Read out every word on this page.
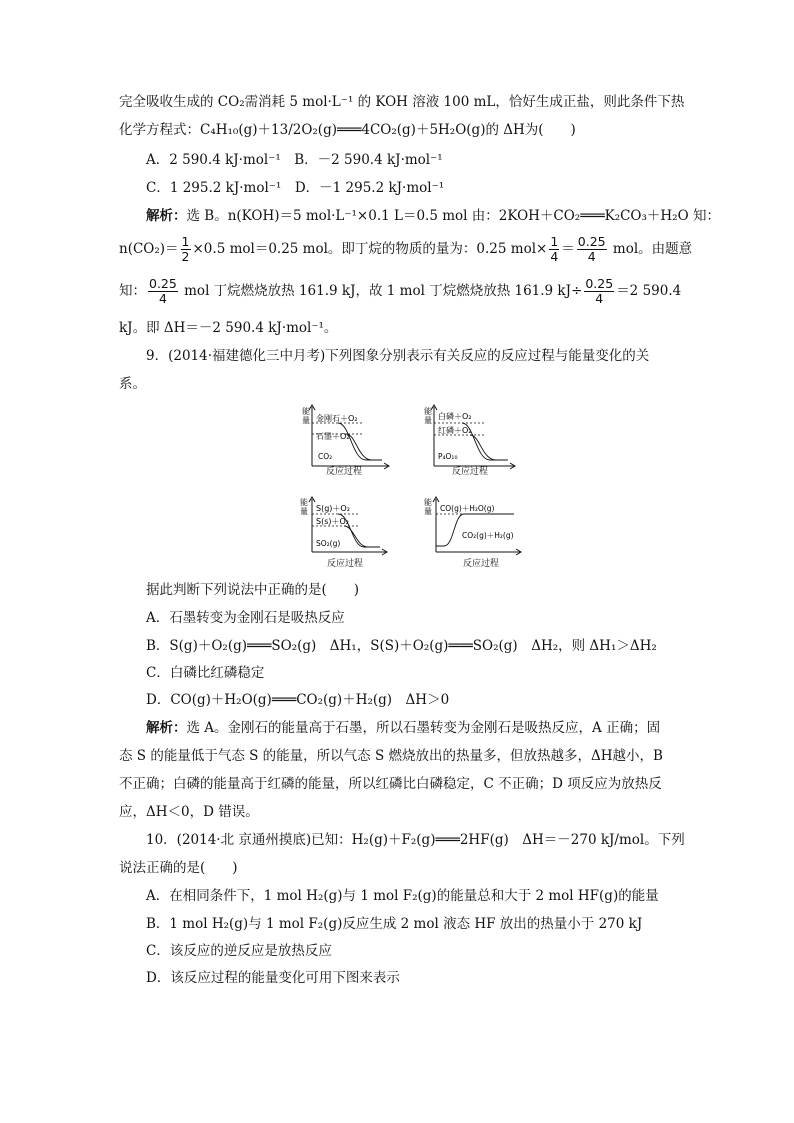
完全吸收生成的 CO₂需消耗 5 mol·L⁻¹ 的 KOH 溶液 100 mL，恰好生成正盐，则此条件下热
化学方程式：C₄H₁₀(g)＋13/2O₂(g)═══4CO₂(g)＋5H₂O(g)的 ΔH为(　　)
A．2 590.4 kJ·mol⁻¹　B．－2 590.4 kJ·mol⁻¹
C．1 295.2 kJ·mol⁻¹　D．－1 295.2 kJ·mol⁻¹
解析：选 B。n(KOH)＝5 mol·L⁻¹×0.1 L＝0.5 mol 由：2KOH＋CO₂═══K₂CO₃＋H₂O 知：
$n(CO_2)= \frac{1}{2} \times 0.5$ mol＝0.25 mol。即丁烷的物质的量为：0.25 $mol\times \frac{1}{4} = \frac{0.25}{4}$ mol。由题意
知： $\frac{0.25}{4}$ mol 丁烷燃烧放热 161.9 kJ，故 1 mol 丁烷燃烧放热 161.9 $kJ\div \frac{0.25}{4} =2$ 590.4
kJ。即 ΔH＝－2 590.4 kJ·mol⁻¹。
9．(2014·福建德化三中月考)下列图象分别表示有关反应的反应过程与能量变化的关
系。
能
量 金刚石＋O₂
石墨＋O₂
CO₂
反应过程
能
量 白磷＋O₂
红磷＋O₂
P₄O₁₀
反应过程
能
量 S(g)＋O₂
S(s)＋O₂
SO₂(g)
反应过程
能
量 CO(g)＋H₂O(g)
CO₂(g)＋H₂(g)
反应过程
据此判断下列说法中正确的是(　　)
A．石墨转变为金刚石是吸热反应
B．S(g)＋O₂(g)═══SO₂(g)　ΔH₁，S(S)＋O₂(g)═══SO₂(g)　ΔH₂，则 ΔH₁＞ΔH₂
C．白磷比红磷稳定
D．CO(g)＋H₂O(g)═══CO₂(g)＋H₂(g)　ΔH＞0
解析：选 A。金刚石的能量高于石墨，所以石墨转变为金刚石是吸热反应，A 正确；固
态 S 的能量低于气态 S 的能量，所以气态 S 燃烧放出的热量多，但放热越多，ΔH越小，B
不正确；白磷的能量高于红磷的能量，所以红磷比白磷稳定，C 不正确；D 项反应为放热反
应，ΔH＜0，D 错误。
10．(2014·北 京通州摸底)已知：H₂(g)＋F₂(g)═══2HF(g)　ΔH＝－270 kJ/mol。下列
说法正确的是(　　)
A．在相同条件下，1 mol H₂(g)与 1 mol F₂(g)的能量总和大于 2 mol HF(g)的能量
B．1 mol H₂(g)与 1 mol F₂(g)反应生成 2 mol 液态 HF 放出的热量小于 270 kJ
C．该反应的逆反应是放热反应
D．该反应过程的能量变化可用下图来表示
